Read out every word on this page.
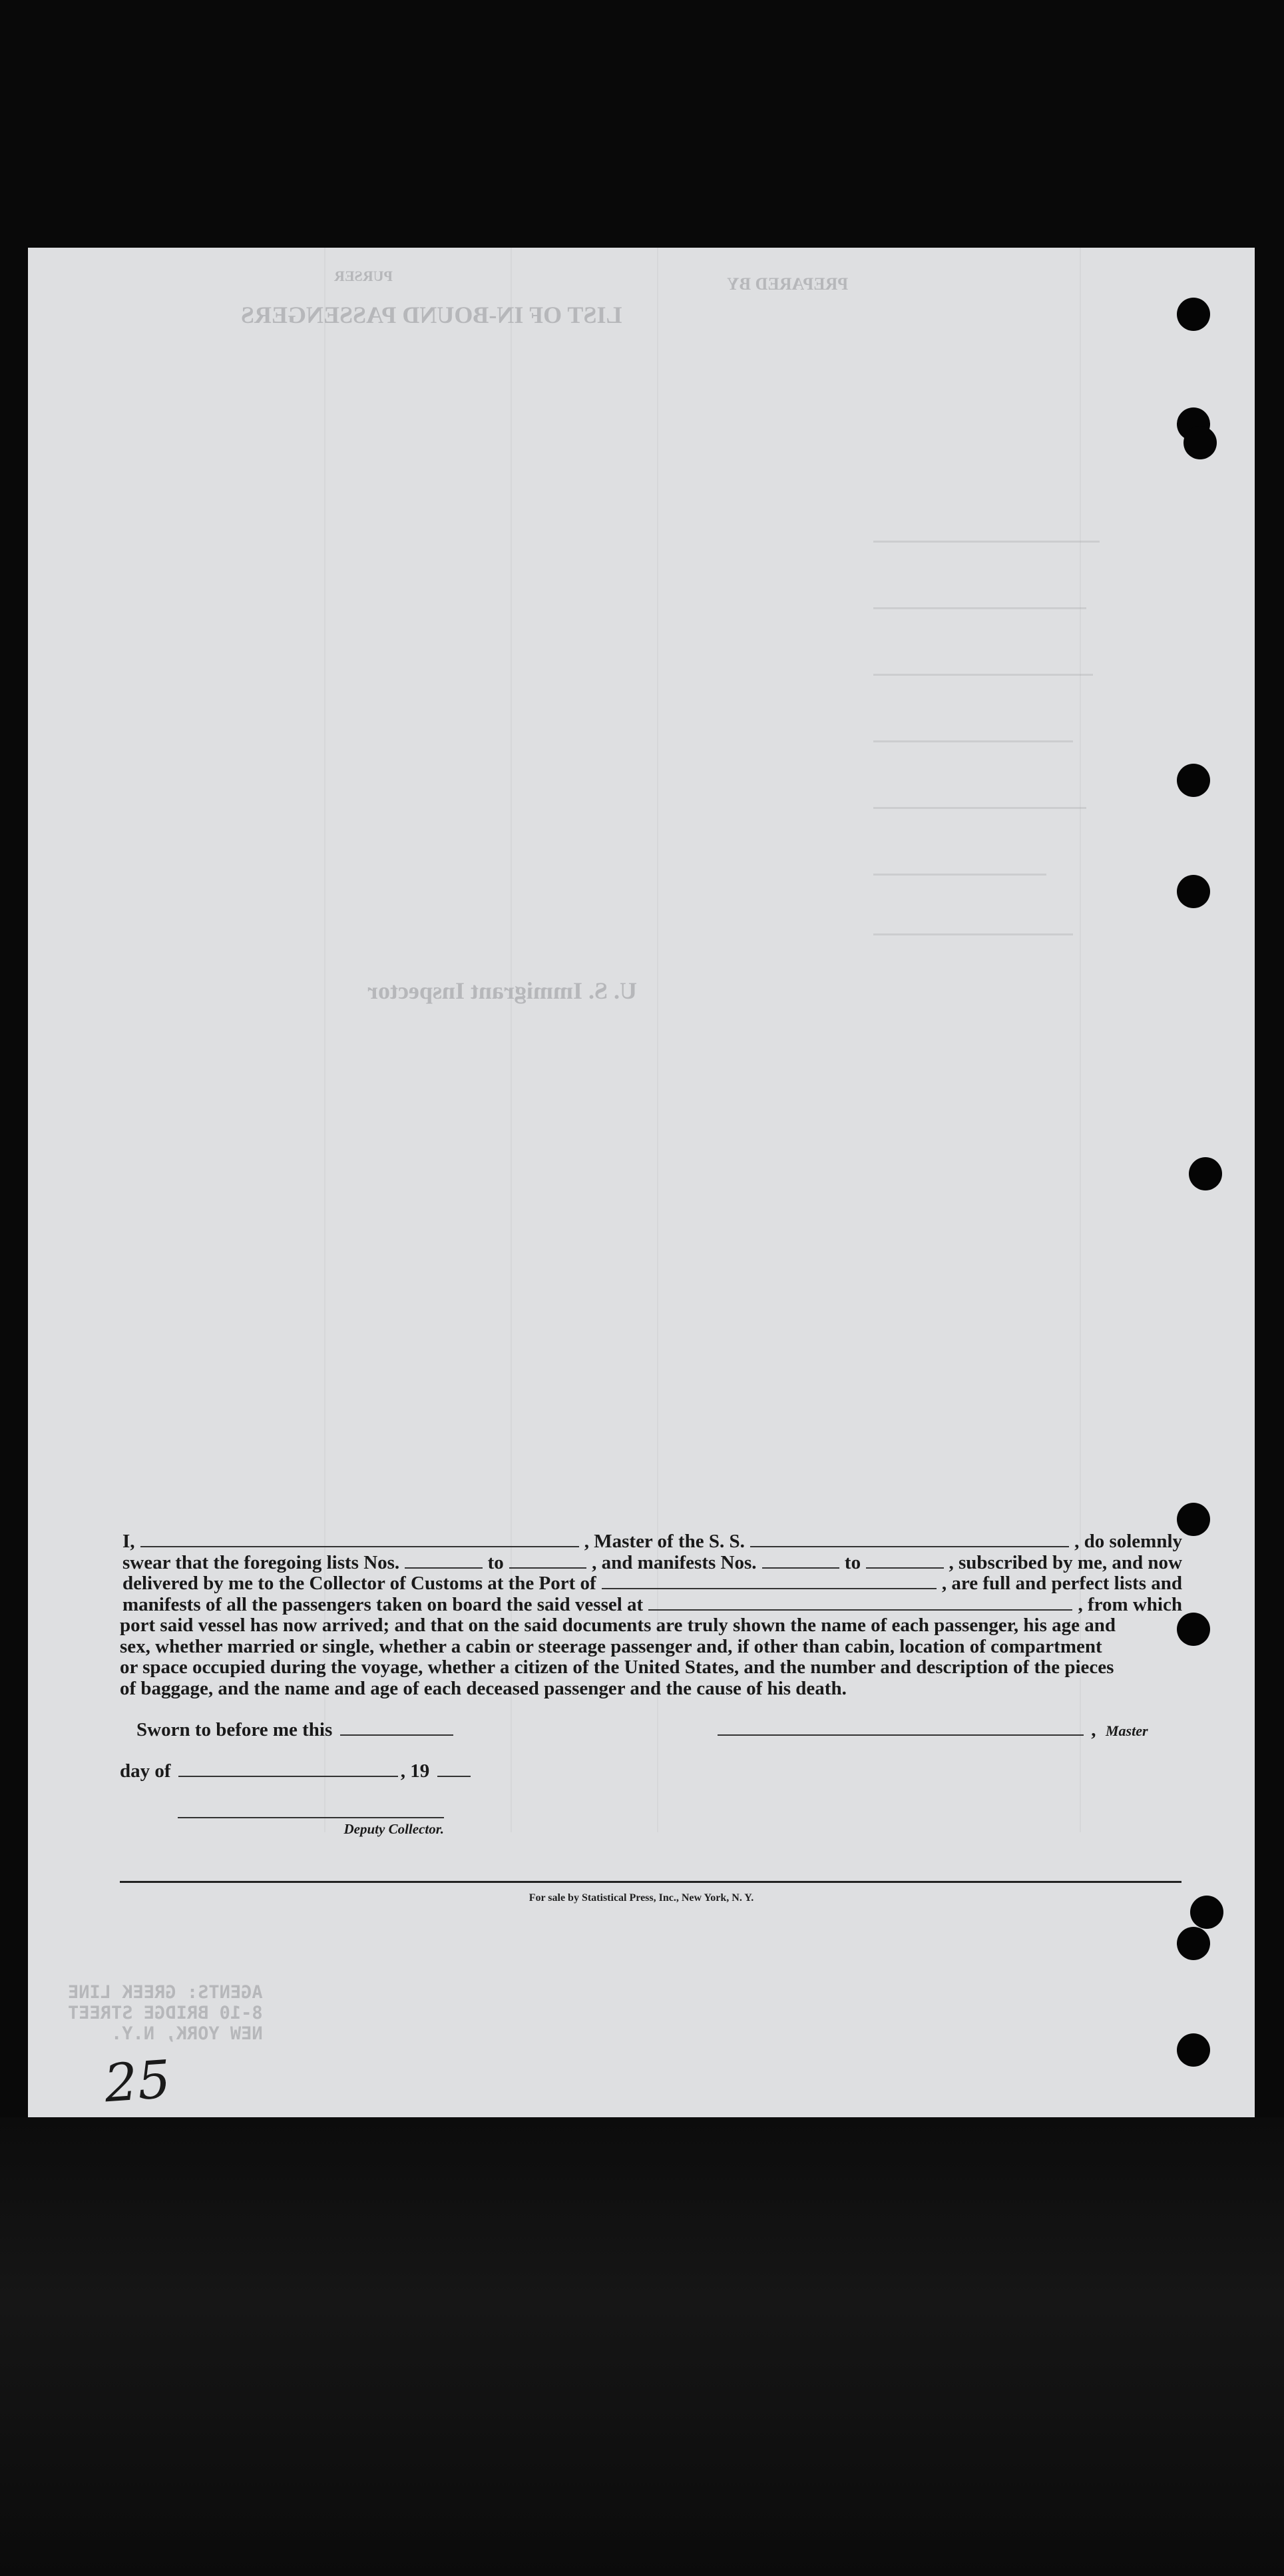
PURSER	PREPARED BY
LIST OF IN-BOUND PASSENGERS
U. S. Immigrant Inspector
AGENTS: GREEK LINE
8-10 BRIDGE STREET
NEW YORK, N.Y.
I,	, Master of the S. S.	, do solemnly
swear that the foregoing lists Nos.	to	, and manifests Nos.	to	, subscribed by me, and now
delivered by me to the Collector of Customs at the Port of	, are full and perfect lists and
manifests of all the passengers taken on board the said vessel at	, from which
port said vessel has now arrived; and that on the said documents are truly shown the name of each passenger, his age and
sex, whether married or single, whether a cabin or steerage passenger and, if other than cabin, location of compartment
or space occupied during the voyage, whether a citizen of the United States, and the number and description of the pieces
of baggage, and the name and age of each deceased passenger and the cause of his death.
Sworn to before me this	, Master
day of	, 19
Deputy Collector.
For sale by Statistical Press, Inc., New York, N. Y.
25
